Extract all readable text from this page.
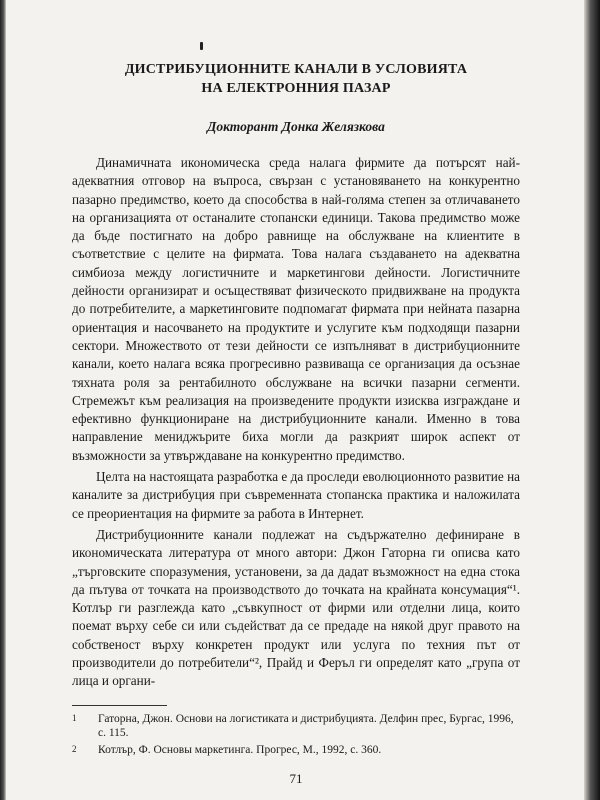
ДИСТРИБУЦИОННИТЕ КАНАЛИ В УСЛОВИЯТА
НА ЕЛЕКТРОННИЯ ПАЗАР
Докторант Донка Желязкова

Динамичната икономическа среда налага фирмите да потърсят най-адекватния отговор на въпроса, свързан с установяването на конкурентно пазарно предимство, което да способства в най-голяма степен за отличаването на организацията от останалите стопански единици. Такова предимство може да бъде постигнато на добро равнище на обслужване на клиентите в съответствие с целите на фирмата. Това налага създаването на адекватна симбиоза между логистичните и маркетингови дейности. Логистичните дейности организират и осъществяват физическото придвижване на продукта до потребителите, а маркетинговите подпомагат фирмата при нейната пазарна ориентация и насочването на продуктите и услугите към подходящи пазарни сектори. Множеството от тези дейности се изпълняват в дистрибуционните канали, което налага всяка прогресивно развиваща се организация да осъзнае тяхната роля за рентабилното обслужване на всички пазарни сегменти. Стремежът към реализация на произведените продукти изисква изграждане и ефективно функциониране на дистрибуционните канали. Именно в това направление мениджърите биха могли да разкрият широк аспект от възможности за утвърждаване на конкурентно предимство.

Целта на настоящата разработка е да проследи еволюционното развитие на каналите за дистрибуция при съвременната стопанска практика и наложилата се преориентация на фирмите за работа в Интернет.

Дистрибуционните канали подлежат на съдържателно дефиниране в икономическата литература от много автори: Джон Гаторна ги описва като „търговските споразумения, установени, за да дадат възможност на една стока да пътува от точката на производството до точката на крайната консумация“¹. Котлър ги разглежда като „съвкупност от фирми или отделни лица, които поемат върху себе си или съдействат да се предаде на някой друг правото на собственост върху конкретен продукт или услуга по техния път от производители до потребители“², Прайд и Феръл ги определят като „група от лица и органи-

1	Гаторна, Джон. Основи на логистиката и дистрибуцията. Делфин прес, Бургас, 1996, с. 115.
2	Котлър, Ф. Основы маркетинга. Прогрес, М., 1992, с. 360.
71
